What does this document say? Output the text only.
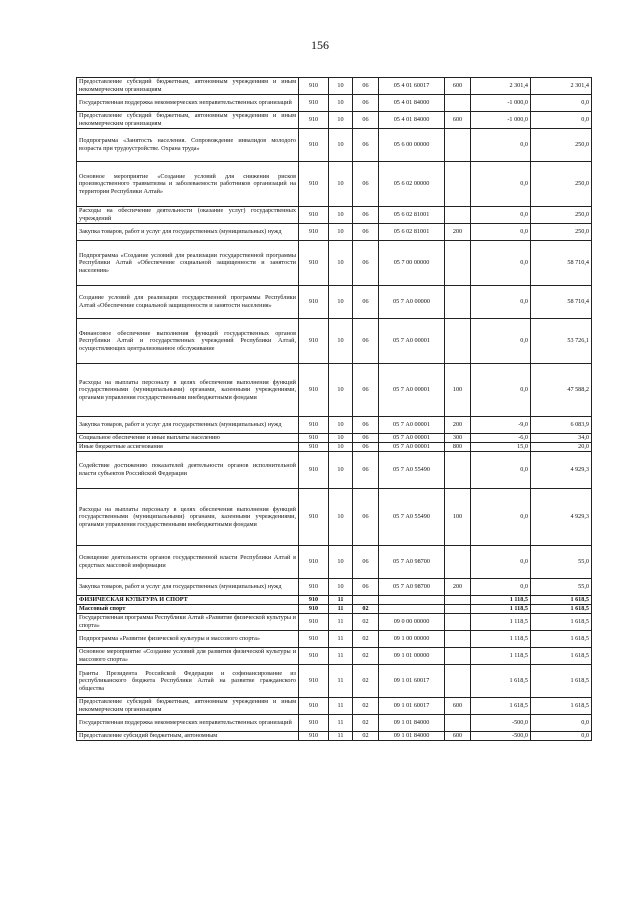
156
Предоставление субсидий бюджетным, автономным учреждениям и иным некоммерческим организациям	910	10	06	05 4 01 60017	600	2 301,4	2 301,4
Государственная поддержка некоммерческих неправительственных организаций	910	10	06	05 4 01 84000		-1 000,0	0,0
Предоставление субсидий бюджетным, автономным учреждениям и иным некоммерческим организациям	910	10	06	05 4 01 84000	600	-1 000,0	0,0
Подпрограмма «Занятость населения. Сопровождение инвалидов молодого возраста при трудоустройстве. Охрана труда»	910	10	06	05 6 00 00000		0,0	250,0
Основное мероприятие «Создание условий для снижения рисков производственного травматизма и заболеваемости работников организаций на территории Республики Алтай»	910	10	06	05 6 02 00000		0,0	250,0
Расходы на обеспечение деятельности (оказание услуг) государственных учреждений	910	10	06	05 6 02 81001		0,0	250,0
Закупка товаров, работ и услуг для государственных (муниципальных) нужд	910	10	06	05 6 02 81001	200	0,0	250,0
Подпрограмма «Создание условий для реализации государственной программы Республики Алтай «Обеспечение социальной защищенности и занятости населения»	910	10	06	05 7 00 00000		0,0	58 710,4
Создание условий для реализации государственной программы Республики Алтай «Обеспечение социальной защищенности и занятости населения»	910	10	06	05 7 А0 00000		0,0	58 710,4
Финансовое обеспечение выполнения функций государственных органов Республики Алтай и государственных учреждений Республики Алтай, осуществляющих централизованное обслуживание	910	10	06	05 7 А0 00001		0,0	53 726,1
Расходы на выплаты персоналу в целях обеспечения выполнения функций государственными (муниципальными) органами, казенными учреждениями, органами управления государственными внебюджетными фондами	910	10	06	05 7 А0 00001	100	0,0	47 588,2
Закупка товаров, работ и услуг для государственных (муниципальных) нужд	910	10	06	05 7 А0 00001	200	-9,0	6 083,9
Социальное обеспечение и иные выплаты населению	910	10	06	05 7 А0 00001	300	-6,0	34,0
Иные бюджетные ассигнования	910	10	06	05 7 А0 00001	800	15,0	20,0
Содействие достижению показателей деятельности органов исполнительной власти субъектов Российской Федерации	910	10	06	05 7 А0 55490		0,0	4 929,3
Расходы на выплаты персоналу в целях обеспечения выполнения функций государственными (муниципальными) органами, казенными учреждениями, органами управления государственными внебюджетными фондами	910	10	06	05 7 А0 55490	100	0,0	4 929,3
Освещение деятельности органов государственной власти Республики Алтай в средствах массовой информации	910	10	06	05 7 А0 98700		0,0	55,0
Закупка товаров, работ и услуг для государственных (муниципальных) нужд	910	10	06	05 7 А0 98700	200	0,0	55,0
ФИЗИЧЕСКАЯ КУЛЬТУРА И СПОРТ	910	11				1 118,5	1 618,5
Массовый спорт	910	11	02			1 118,5	1 618,5
Государственная программа Республики Алтай «Развитие физической культуры и спорта»	910	11	02	09 0 00 00000		1 118,5	1 618,5
Подпрограмма «Развитие физической культуры и массового спорта»	910	11	02	09 1 00 00000		1 118,5	1 618,5
Основное мероприятие «Создание условий для развития физической культуры и массового спорта»	910	11	02	09 1 01 00000		1 118,5	1 618,5
Гранты Президента Российской Федерации и софинансирование из республиканского бюджета Республики Алтай на развитие гражданского общества	910	11	02	09 1 01 60017		1 618,5	1 618,5
Предоставление субсидий бюджетным, автономным учреждениям и иным некоммерческим организациям	910	11	02	09 1 01 60017	600	1 618,5	1 618,5
Государственная поддержка некоммерческих неправительственных организаций	910	11	02	09 1 01 84000		-500,0	0,0
Предоставление субсидий бюджетным, автономным	910	11	02	09 1 01 84000	600	-500,0	0,0
